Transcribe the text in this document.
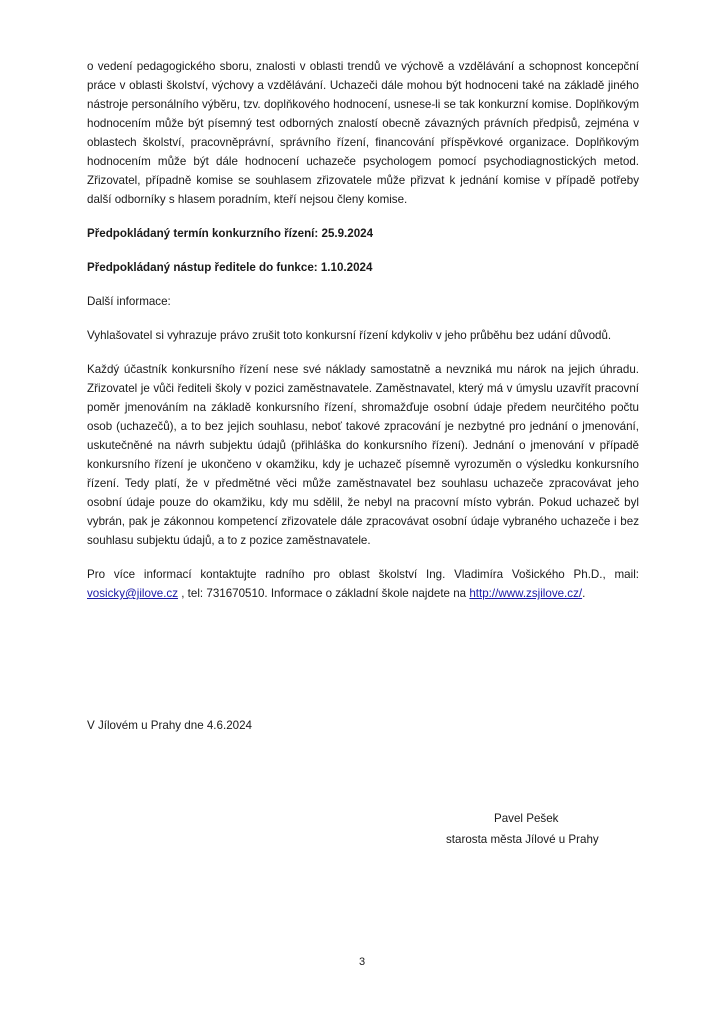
o vedení pedagogického sboru, znalosti v oblasti trendů ve výchově a vzdělávání a schopnost koncepční práce v oblasti školství, výchovy a vzdělávání. Uchazeči dále mohou být hodnoceni také na základě jiného nástroje personálního výběru, tzv. doplňkového hodnocení, usnese-li se tak konkurzní komise. Doplňkovým hodnocením může být písemný test odborných znalostí obecně závazných právních předpisů, zejména v oblastech školství, pracovněprávní, správního řízení, financování příspěvkové organizace. Doplňkovým hodnocením může být dále hodnocení uchazeče psychologem pomocí psychodiagnostických metod. Zřizovatel, případně komise se souhlasem zřizovatele může přizvat k jednání komise v případě potřeby další odborníky s hlasem poradním, kteří nejsou členy komise.

Předpokládaný termín konkurzního řízení: 25.9.2024

Předpokládaný nástup ředitele do funkce: 1.10.2024

Další informace:

Vyhlašovatel si vyhrazuje právo zrušit toto konkursní řízení kdykoliv v jeho průběhu bez udání důvodů.

Každý účastník konkursního řízení nese své náklady samostatně a nevzniká mu nárok na jejich úhradu. Zřizovatel je vůči řediteli školy v pozici zaměstnavatele. Zaměstnavatel, který má v úmyslu uzavřít pracovní poměr jmenováním na základě konkursního řízení, shromažďuje osobní údaje předem neurčitého počtu osob (uchazečů), a to bez jejich souhlasu, neboť takové zpracování je nezbytné pro jednání o jmenování, uskutečněné na návrh subjektu údajů (přihláška do konkursního řízení). Jednání o jmenování v případě konkursního řízení je ukončeno v okamžiku, kdy je uchazeč písemně vyrozuměn o výsledku konkursního řízení. Tedy platí, že v předmětné věci může zaměstnavatel bez souhlasu uchazeče zpracovávat jeho osobní údaje pouze do okamžiku, kdy mu sdělil, že nebyl na pracovní místo vybrán. Pokud uchazeč byl vybrán, pak je zákonnou kompetencí zřizovatele dále zpracovávat osobní údaje vybraného uchazeče i bez souhlasu subjektu údajů, a to z pozice zaměstnavatele.

Pro více informací kontaktujte radního pro oblast školství Ing. Vladimíra Vošického Ph.D., mail: vosicky@jilove.cz , tel: 731670510. Informace o základní škole najdete na http://www.zsjilove.cz/.

V Jílovém u Prahy dne 4.6.2024
Pavel Pešek
starosta města Jílové u Prahy
3
